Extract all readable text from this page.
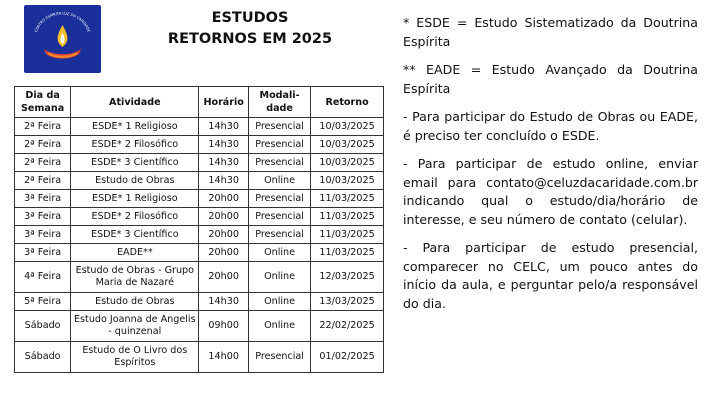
CENTRO ESPÍRITA LUZ DA CARIDADE
ESTUDOS
RETORNOS EM 2025
Dia da Semana	Atividade	Horário	Modali-dade	Retorno
2ª Feira	ESDE* 1 Religioso	14h30	Presencial	10/03/2025
2ª Feira	ESDE* 2 Filosófico	14h30	Presencial	10/03/2025
2ª Feira	ESDE* 3 Científico	14h30	Presencial	10/03/2025
2ª Feira	Estudo de Obras	14h30	Online	10/03/2025
3ª Feira	ESDE* 1 Religioso	20h00	Presencial	11/03/2025
3ª Feira	ESDE* 2 Filosófico	20h00	Presencial	11/03/2025
3ª Feira	ESDE* 3 Científico	20h00	Presencial	11/03/2025
3ª Feira	EADE**	20h00	Online	11/03/2025
4ª Feira	Estudo de Obras - Grupo Maria de Nazaré	20h00	Online	12/03/2025
5ª Feira	Estudo de Obras	14h30	Online	13/03/2025
Sábado	Estudo Joanna de Angelis - quinzenal	09h00	Online	22/02/2025
Sábado	Estudo de O Livro dos Espíritos	14h00	Presencial	01/02/2025

* ESDE = Estudo Sistematizado da Doutrina Espírita

** EADE = Estudo Avançado da Doutrina Espírita

- Para participar do Estudo de Obras ou EADE, é preciso ter concluído o ESDE.

- Para participar de estudo online, enviar email para contato@celuzdacaridade.com.br indicando qual o estudo/dia/horário de interesse, e seu número de contato (celular).

- Para participar de estudo presencial, comparecer no CELC, um pouco antes do início da aula, e perguntar pelo/a responsável do dia.
